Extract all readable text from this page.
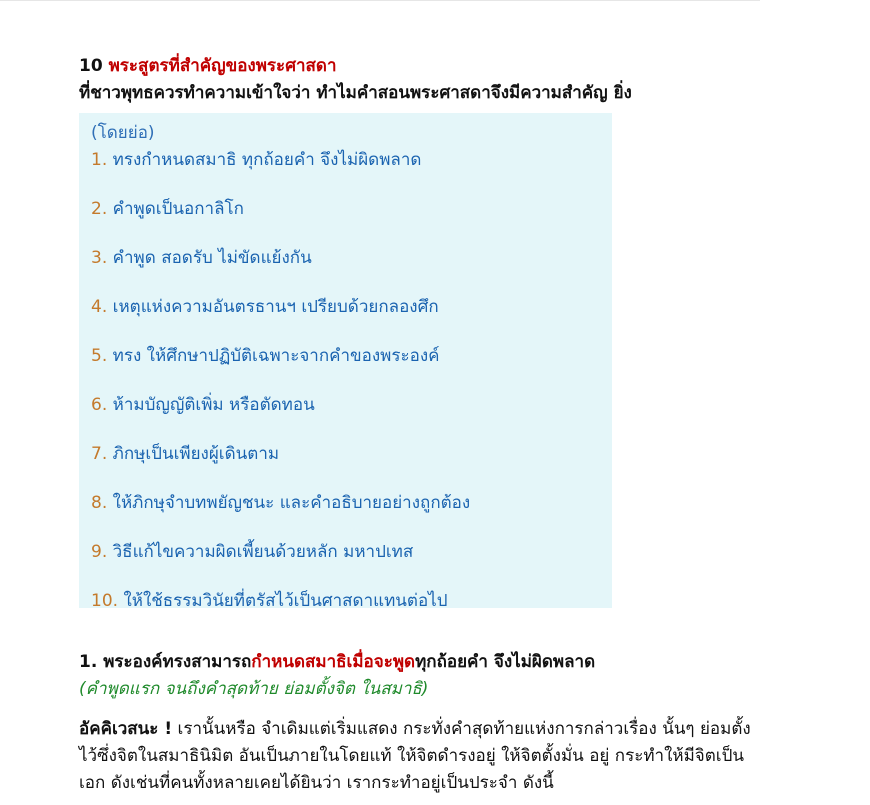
10 พระสูตรที่สำคัญของพระศาสดา
ที่ชาวพุทธควรทำความเข้าใจว่า ทำไมคำสอนพระศาสดาจึงมีความสำคัญ ยิ่ง
(โดยย่อ)
1. ทรงกำหนดสมาธิ ทุกถ้อยคำ จึงไม่ผิดพลาด
2. คำพูดเป็นอกาลิโก
3. คำพูด สอดรับ ไม่ขัดแย้งกัน
4. เหตุแห่งความอันตรธานฯ เปรียบด้วยกลองศึก
5. ทรง ให้ศึกษาปฏิบัติเฉพาะจากคำของพระองค์
6. ห้ามบัญญัติเพิ่ม หรือตัดทอน
7. ภิกษุเป็นเพียงผู้เดินตาม
8. ให้ภิกษุจำบทพยัญชนะ และคำอธิบายอย่างถูกต้อง
9. วิธีแก้ไขความผิดเพี้ยนด้วยหลัก มหาปเทส
10. ให้ใช้ธรรมวินัยที่ตรัสไว้เป็นศาสดาแทนต่อไป
1. พระองค์ทรงสามารถกำหนดสมาธิเมื่อจะพูดทุกถ้อยคำ จึงไม่ผิดพลาด
(คำพูดแรก จนถึงคำสุดท้าย ย่อมตั้งจิต ในสมาธิ)
อัคคิเวสนะ ! เรานั้นหรือ จำเดิมแต่เริ่มแสดง กระทั่งคำสุดท้ายแห่งการกล่าวเรื่อง นั้นๆ ย่อมตั้ง
ไว้ซึ่งจิตในสมาธินิมิต อันเป็นภายในโดยแท้ ให้จิตดำรงอยู่ ให้จิตตั้งมั่น อยู่ กระทำให้มีจิตเป็น
เอก ดังเช่นที่คนทั้งหลายเคยได้ยินว่า เรากระทำอยู่เป็นประจำ ดังนี้
